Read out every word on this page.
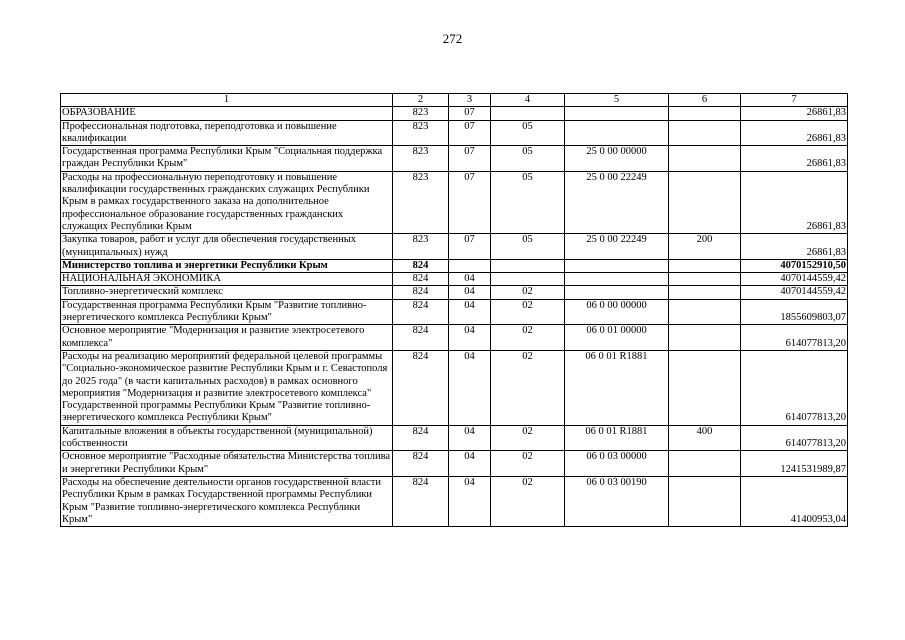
272
1	2	3	4	5	6	7
ОБРАЗОВАНИЕ	823	07				26861,83
Профессиональная подготовка, переподготовка и повышение квалификации	823	07	05			26861,83
Государственная программа Республики Крым "Социальная поддержка граждан Республики Крым"	823	07	05	25 0 00 00000		26861,83
Расходы на профессиональную переподготовку и повышение квалификации государственных гражданских служащих Республики Крым в рамках государственного заказа на дополнительное профессиональное образование государственных гражданских служащих Республики Крым	823	07	05	25 0 00 22249		26861,83
Закупка товаров, работ и услуг для обеспечения государственных (муниципальных) нужд	823	07	05	25 0 00 22249	200	26861,83
Министерство топлива и энергетики Республики Крым	824					4070152910,50
НАЦИОНАЛЬНАЯ ЭКОНОМИКА	824	04				4070144559,42
Топливно-энергетический комплекс	824	04	02			4070144559,42
Государственная программа Республики Крым "Развитие топливно-энергетического комплекса Республики Крым"	824	04	02	06 0 00 00000		1855609803,07
Основное мероприятие "Модернизация и развитие электросетевого комплекса"	824	04	02	06 0 01 00000		614077813,20
Расходы на реализацию мероприятий федеральной целевой программы "Социально-экономическое развитие Республики Крым и г. Севастополя до 2025 года" (в части капитальных расходов) в рамках основного мероприятия "Модернизация и развитие электросетевого комплекса" Государственной программы Республики Крым "Развитие топливно-энергетического комплекса Республики Крым"	824	04	02	06 0 01 R1881		614077813,20
Капитальные вложения в объекты государственной (муниципальной) собственности	824	04	02	06 0 01 R1881	400	614077813,20
Основное мероприятие "Расходные обязательства Министерства топлива и энергетики Республики Крым"	824	04	02	06 0 03 00000		1241531989,87
Расходы на обеспечение деятельности органов государственной власти Республики Крым в рамках Государственной программы Республики Крым "Развитие топливно-энергетического комплекса Республики Крым"	824	04	02	06 0 03 00190		41400953,04
